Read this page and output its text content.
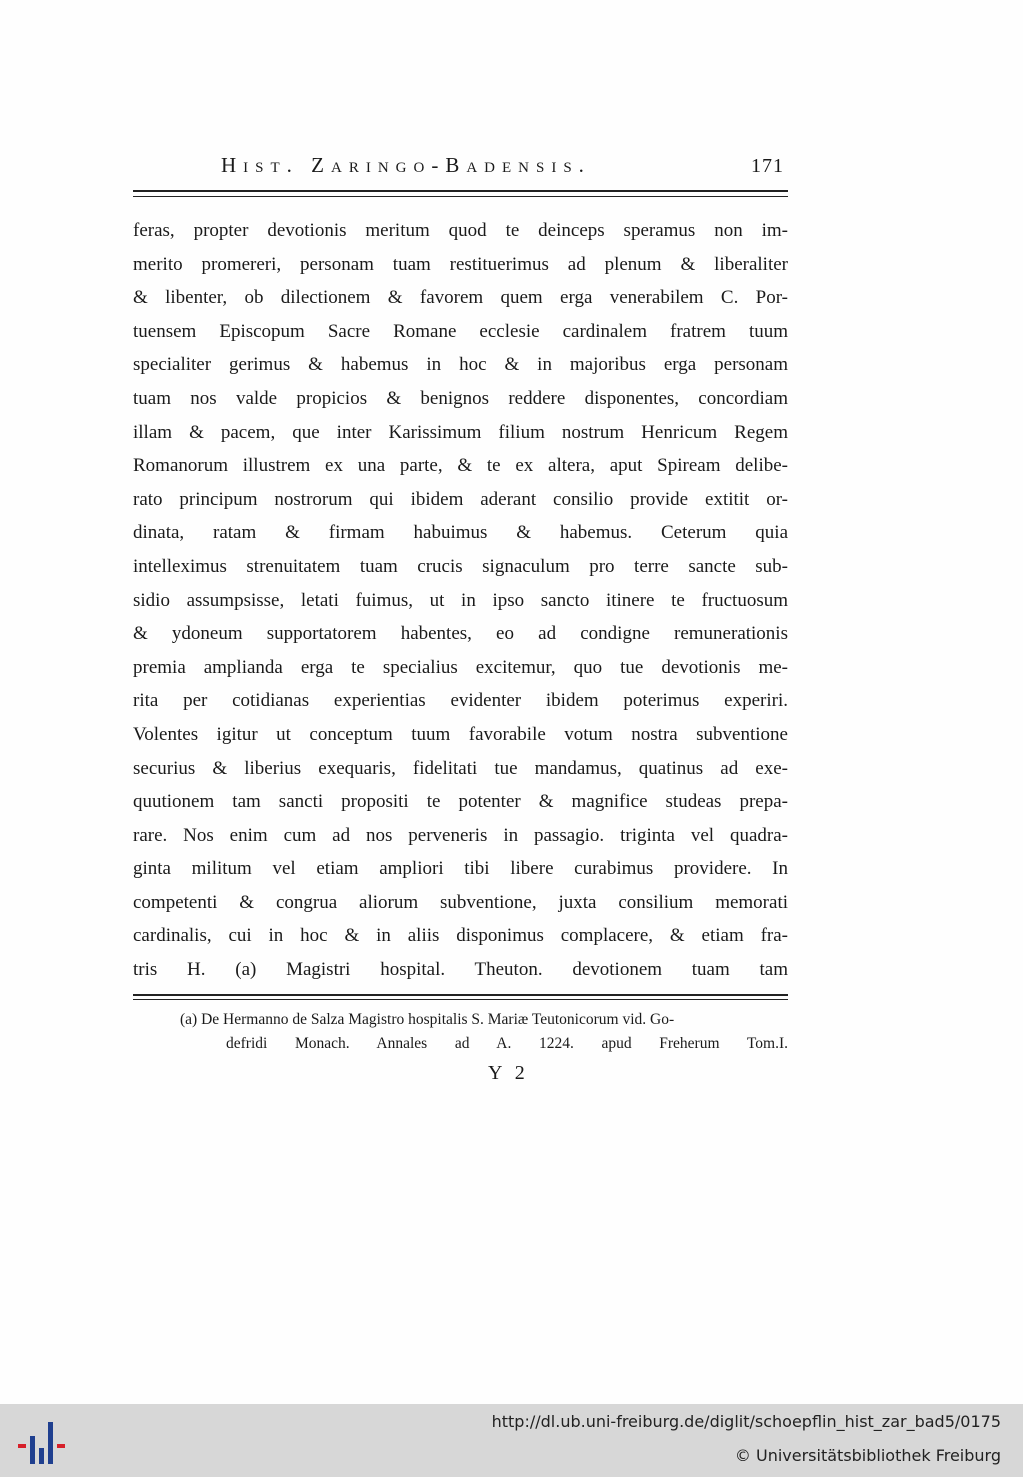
Hist. Zaringo-Badensis.	171
feras, propter devotionis meritum quod te deinceps speramus non im-
merito promereri, personam tuam restituerimus ad plenum & liberaliter
& libenter, ob dilectionem & favorem quem erga venerabilem C. Por-
tuensem Episcopum Sacre Romane ecclesie cardinalem fratrem tuum
specialiter gerimus & habemus in hoc & in majoribus erga personam
tuam nos valde propicios & benignos reddere disponentes, concordiam
illam & pacem, que inter Karissimum filium nostrum Henricum Regem
Romanorum illustrem ex una parte, & te ex altera, aput Spiream delibe-
rato principum nostrorum qui ibidem aderant consilio provide extitit or-
dinata, ratam & firmam habuimus & habemus. Ceterum quia
intelleximus strenuitatem tuam crucis signaculum pro terre sancte sub-
sidio assumpsisse, letati fuimus, ut in ipso sancto itinere te fructuosum
& ydoneum supportatorem habentes, eo ad condigne remunerationis
premia amplianda erga te specialius excitemur, quo tue devotionis me-
rita per cotidianas experientias evidenter ibidem poterimus experiri.
Volentes igitur ut conceptum tuum favorabile votum nostra subventione
securius & liberius exequaris, fidelitati tue mandamus, quatinus ad exe-
quutionem tam sancti propositi te potenter & magnifice studeas prepa-
rare. Nos enim cum ad nos perveneris in passagio. triginta vel quadra-
ginta militum vel etiam ampliori tibi libere curabimus providere. In
competenti & congrua aliorum subventione, juxta consilium memorati
cardinalis, cui in hoc & in aliis disponimus complacere, & etiam fra-
tris H. (a) Magistri hospital. Theuton. devotionem tuam tam
(a) De Hermanno de Salza Magistro hospitalis S. Mariæ Teutonicorum vid. Go-
defridi Monach. Annales ad A. 1224. apud Freherum Tom.I.
Y 2
http://dl.ub.uni-freiburg.de/diglit/schoepflin_hist_zar_bad5/0175
© Universitätsbibliothek Freiburg
